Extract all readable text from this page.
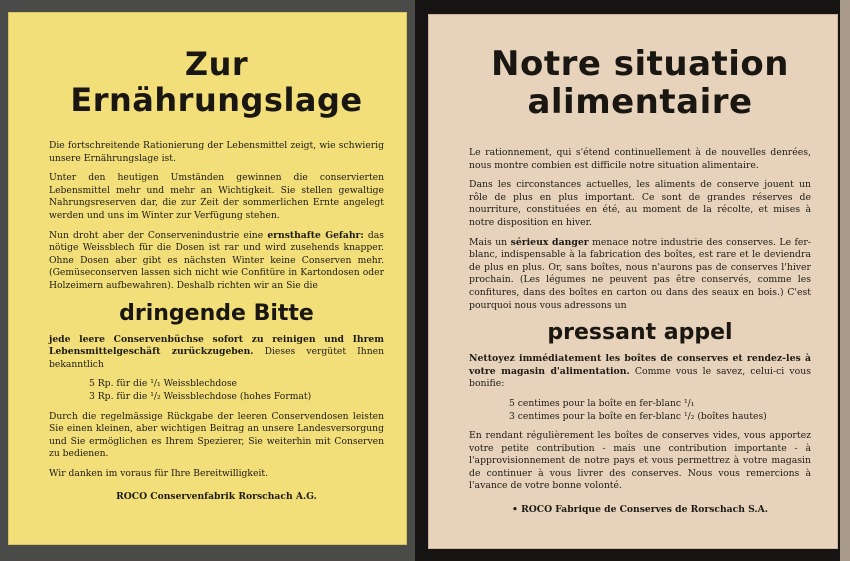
Zur
Ernährungslage

Die fortschreitende Rationierung der Lebensmittel zeigt, wie schwierig unsere Ernährungslage ist.

Unter den heutigen Umständen gewinnen die conservierten Lebensmittel mehr und mehr an Wichtigkeit. Sie stellen gewaltige Nahrungsreserven dar, die zur Zeit der sommerlichen Ernte angelegt werden und uns im Winter zur Verfügung stehen.

Nun droht aber der Conservenindustrie eine ernsthafte Gefahr: das nötige Weissblech für die Dosen ist rar und wird zusehends knapper. Ohne Dosen aber gibt es nächsten Winter keine Conserven mehr. (Gemüseconserven lassen sich nicht wie Confitüre in Kartondosen oder Holzeimern aufbewahren). Deshalb richten wir an Sie die

dringende Bitte

jede leere Conservenbüchse sofort zu reinigen und Ihrem Lebensmittelgeschäft zurückzugeben. Dieses vergütet Ihnen bekanntlich

5 Rp. für die ¹/₁ Weissblechdose

3 Rp. für die ¹/₂ Weissblechdose (hohes Format)

Durch die regelmässige Rückgabe der leeren Conservendosen leisten Sie einen kleinen, aber wichtigen Beitrag an unsere Landesversorgung und Sie ermöglichen es Ihrem Spezierer, Sie weiterhin mit Conserven zu bedienen.

Wir danken im voraus für Ihre Bereitwilligkeit.

ROCO Conservenfabrik Rorschach A.G.

Notre situation
alimentaire

Le rationnement, qui s'étend continuellement à de nouvelles denrées, nous montre combien est difficile notre situation alimentaire.

Dans les circonstances actuelles, les aliments de conserve jouent un rôle de plus en plus important. Ce sont de grandes réserves de nourriture, constituées en été, au moment de la récolte, et mises à notre disposition en hiver.

Mais un sérieux danger menace notre industrie des conserves. Le fer-blanc, indispensable à la fabrication des boîtes, est rare et le deviendra de plus en plus. Or, sans boîtes, nous n'aurons pas de conserves l'hiver prochain. (Les légumes ne peuvent pas être conservés, comme les confitures, dans des boîtes en carton ou dans des seaux en bois.) C'est pourquoi nous vous adressons un

pressant appel

Nettoyez immédiatement les boîtes de conserves et rendez-les à votre magasin d'alimentation. Comme vous le savez, celui-ci vous bonifie:

5 centimes pour la boîte en fer-blanc ¹/₁

3 centimes pour la boîte en fer-blanc ¹/₂ (boîtes hautes)

En rendant régulièrement les boîtes de conserves vides, vous apportez votre petite contribution - mais une contribution importante - à l'approvisionnement de notre pays et vous permettrez à votre magasin de continuer à vous livrer des conserves. Nous vous remercions à l'avance de votre bonne volonté.

• ROCO Fabrique de Conserves de Rorschach S.A.
